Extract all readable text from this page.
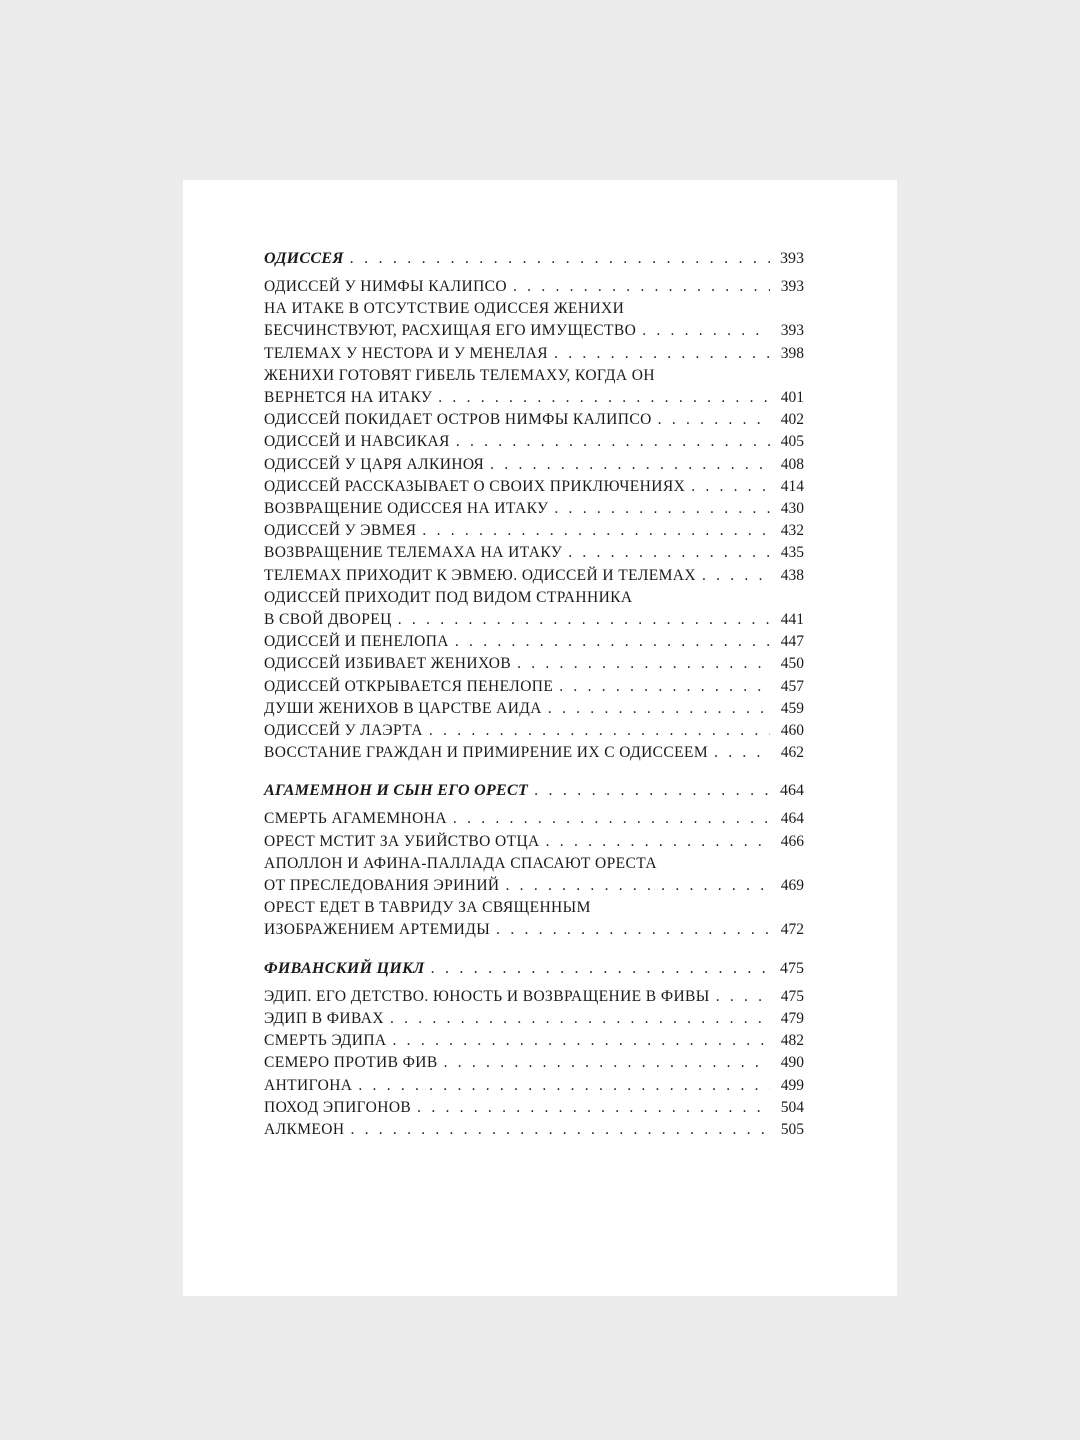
ОДИССЕЯ . . .	393
ОДИССЕЙ У НИМФЫ КАЛИПСО . . .	393
НА ИТАКЕ В ОТСУТСТВИЕ ОДИССЕЯ ЖЕНИХИ
БЕСЧИНСТВУЮТ, РАСХИЩАЯ ЕГО ИМУЩЕСТВО . . .	393
ТЕЛЕМАХ У НЕСТОРА И У МЕНЕЛАЯ . . .	398
ЖЕНИХИ ГОТОВЯТ ГИБЕЛЬ ТЕЛЕМАХУ, КОГДА ОН
ВЕРНЕТСЯ НА ИТАКУ . . .	401
ОДИССЕЙ ПОКИДАЕТ ОСТРОВ НИМФЫ КАЛИПСО . . .	402
ОДИССЕЙ И НАВСИКАЯ . . .	405
ОДИССЕЙ У ЦАРЯ АЛКИНОЯ . . .	408
ОДИССЕЙ РАССКАЗЫВАЕТ О СВОИХ ПРИКЛЮЧЕНИЯХ . . .	414
ВОЗВРАЩЕНИЕ ОДИССЕЯ НА ИТАКУ . . .	430
ОДИССЕЙ У ЭВМЕЯ . . .	432
ВОЗВРАЩЕНИЕ ТЕЛЕМАХА НА ИТАКУ . . .	435
ТЕЛЕМАХ ПРИХОДИТ К ЭВМЕЮ. ОДИССЕЙ И ТЕЛЕМАХ . . .	438
ОДИССЕЙ ПРИХОДИТ ПОД ВИДОМ СТРАННИКА
В СВОЙ ДВОРЕЦ . . .	441
ОДИССЕЙ И ПЕНЕЛОПА . . .	447
ОДИССЕЙ ИЗБИВАЕТ ЖЕНИХОВ . . .	450
ОДИССЕЙ ОТКРЫВАЕТСЯ ПЕНЕЛОПЕ . . .	457
ДУШИ ЖЕНИХОВ В ЦАРСТВЕ АИДА . . .	459
ОДИССЕЙ У ЛАЭРТА . . .	460
ВОССТАНИЕ ГРАЖДАН И ПРИМИРЕНИЕ ИХ С ОДИССЕЕМ . . .	462
АГАМЕМНОН И СЫН ЕГО ОРЕСТ . . .	464
СМЕРТЬ АГАМЕМНОНА . . .	464
ОРЕСТ МСТИТ ЗА УБИЙСТВО ОТЦА . . .	466
АПОЛЛОН И АФИНА-ПАЛЛАДА СПАСАЮТ ОРЕСТА
ОТ ПРЕСЛЕДОВАНИЯ ЭРИНИЙ . . .	469
ОРЕСТ ЕДЕТ В ТАВРИДУ ЗА СВЯЩЕННЫМ
ИЗОБРАЖЕНИЕМ АРТЕМИДЫ . . .	472
ФИВАНСКИЙ ЦИКЛ . . .	475
ЭДИП. ЕГО ДЕТСТВО. ЮНОСТЬ И ВОЗВРАЩЕНИЕ В ФИВЫ . . .	475
ЭДИП В ФИВАХ . . .	479
СМЕРТЬ ЭДИПА . . .	482
СЕМЕРО ПРОТИВ ФИВ . . .	490
АНТИГОНА . . .	499
ПОХОД ЭПИГОНОВ . . .	504
АЛКМЕОН . . .	505
